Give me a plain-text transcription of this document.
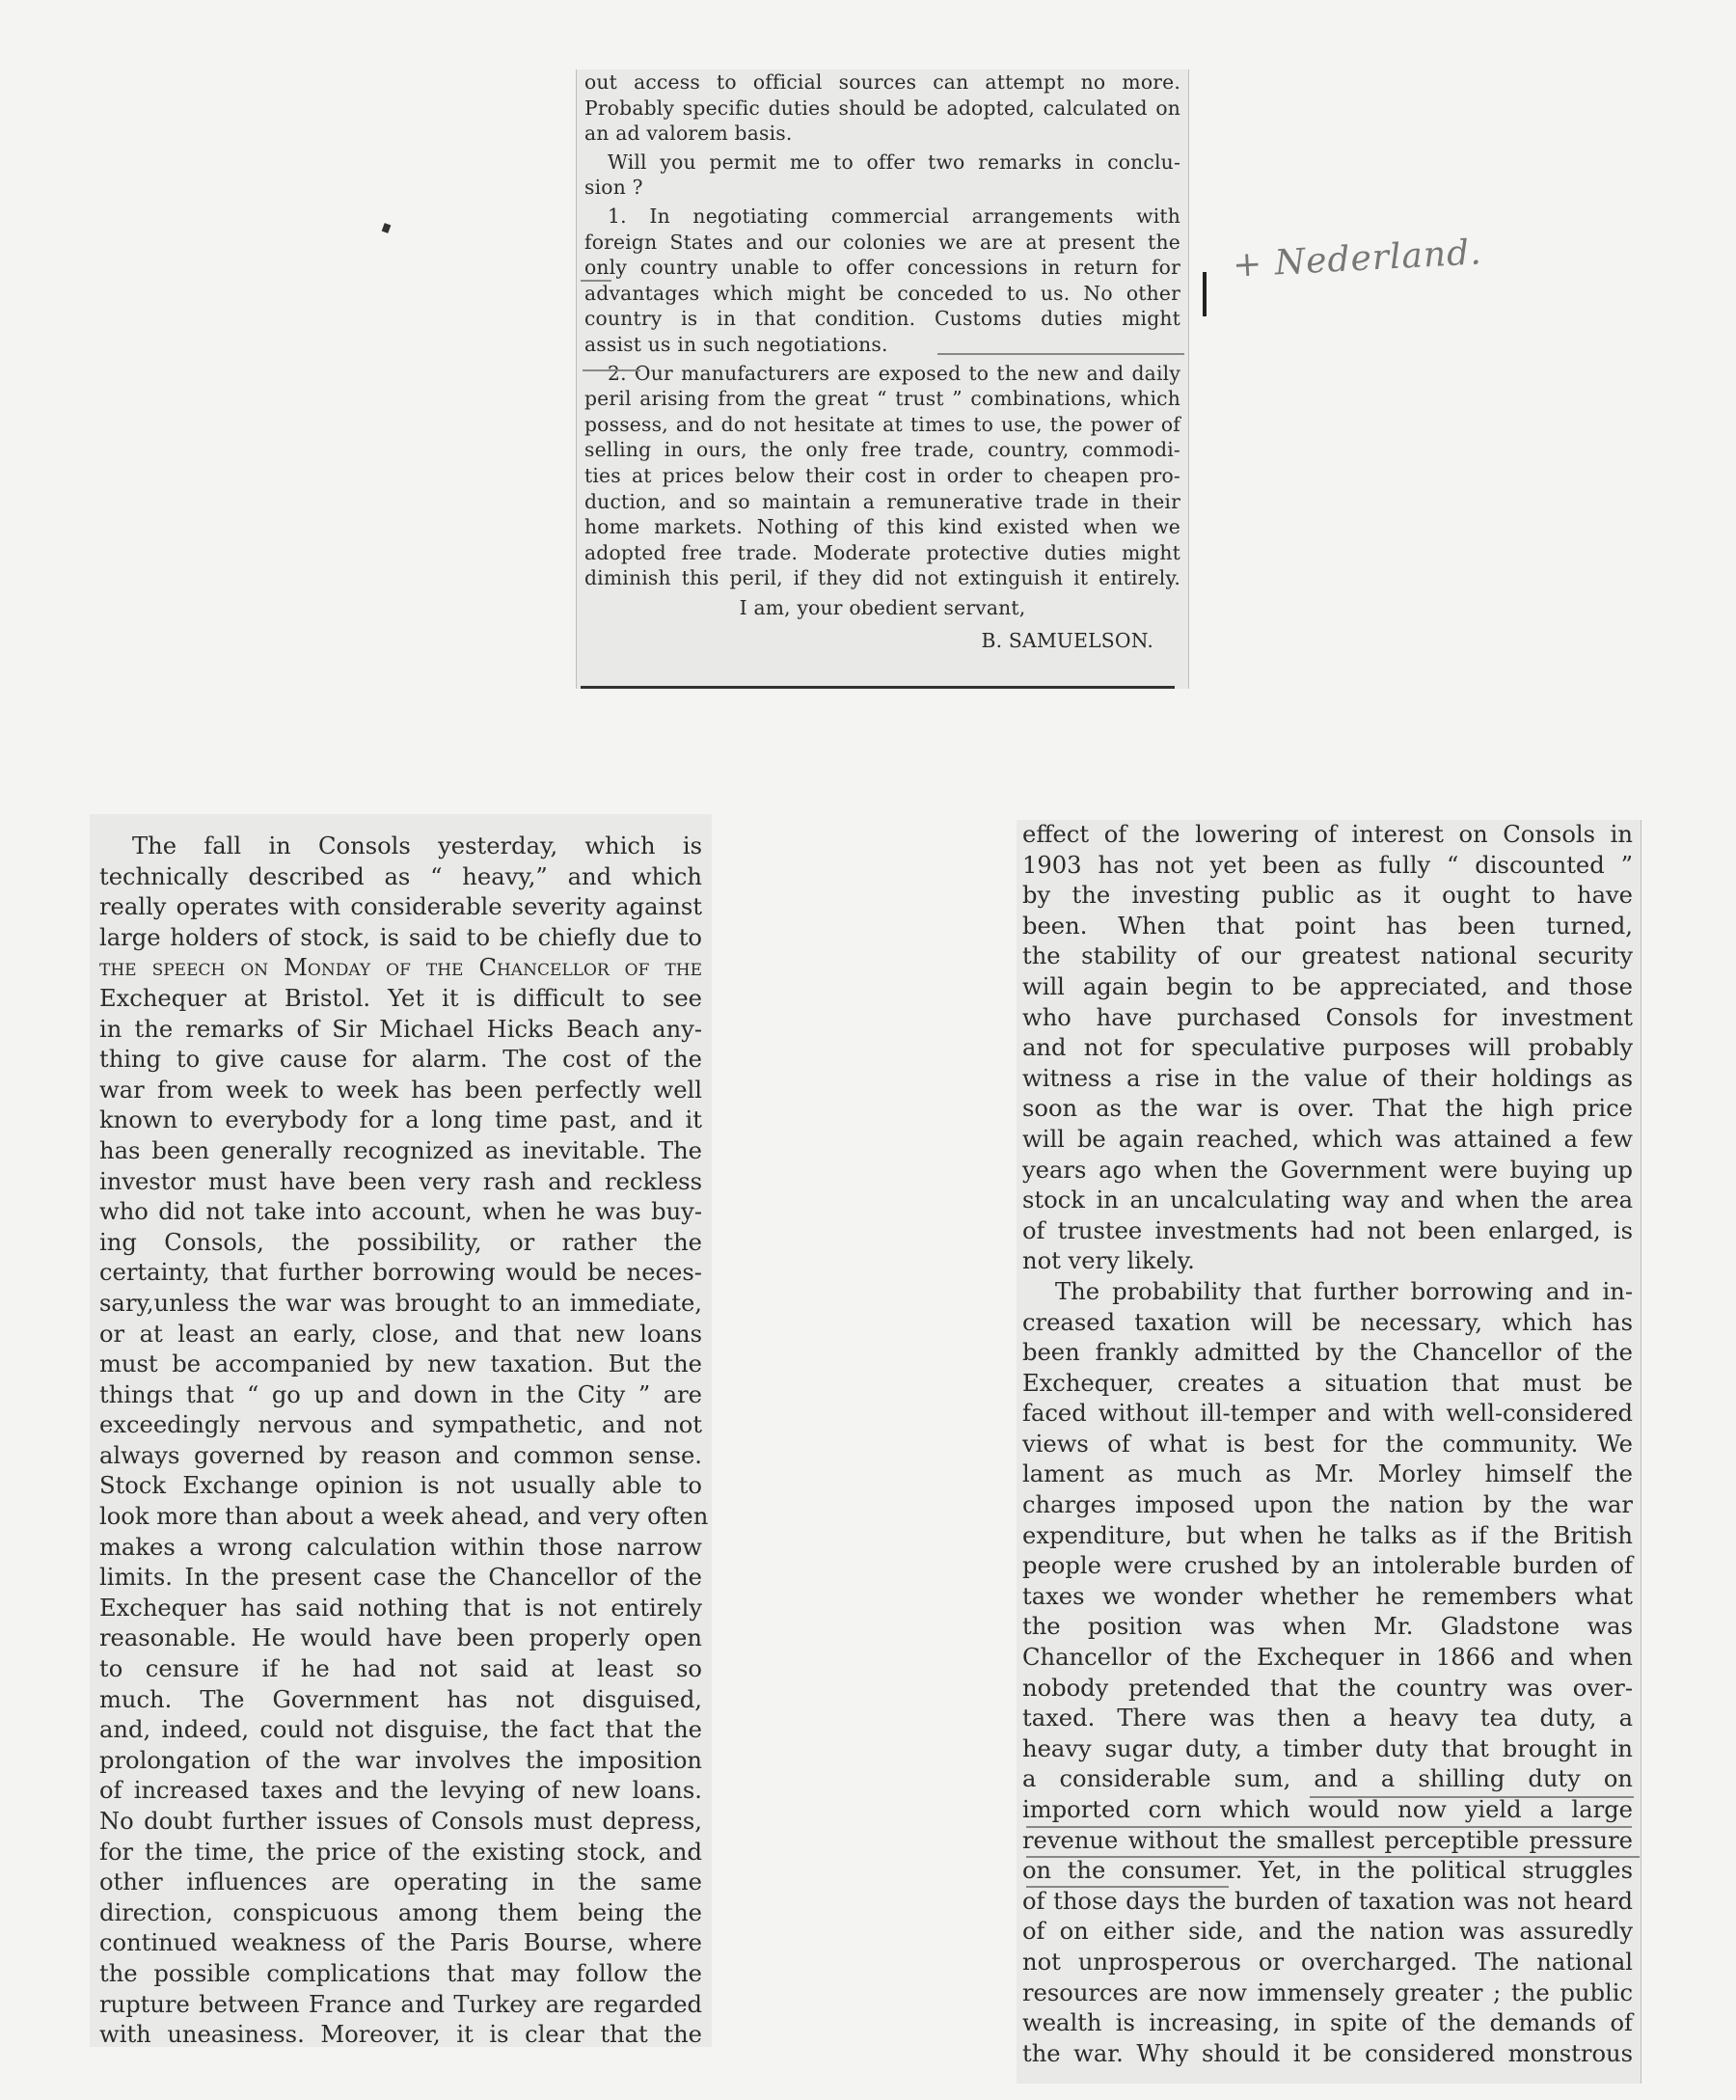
out access to official sources can attempt no more.
Probably specific duties should be adopted, calculated on
an ad valorem basis.
Will you permit me to offer two remarks in conclu-
sion ?
1. In negotiating commercial arrangements with
foreign States and our colonies we are at present the
only country unable to offer concessions in return for
advantages which might be conceded to us. No other
country is in that condition. Customs duties might
assist us in such negotiations.
2. Our manufacturers are exposed to the new and daily
peril arising from the great “ trust ” combinations, which
possess, and do not hesitate at times to use, the power of
selling in ours, the only free trade, country, commodi-
ties at prices below their cost in order to cheapen pro-
duction, and so maintain a remunerative trade in their
home markets. Nothing of this kind existed when we
adopted free trade. Moderate protective duties might
diminish this peril, if they did not extinguish it entirely.
I am, your obedient servant,
B. SAMUELSON.
+ Nederland.
The fall in Consols yesterday, which is
technically described as “ heavy,” and which
really operates with considerable severity against
large holders of stock, is said to be chiefly due to
the speech on Monday of the Chancellor of the
Exchequer at Bristol. Yet it is difficult to see
in the remarks of Sir Michael Hicks Beach any-
thing to give cause for alarm. The cost of the
war from week to week has been perfectly well
known to everybody for a long time past, and it
has been generally recognized as inevitable. The
investor must have been very rash and reckless
who did not take into account, when he was buy-
ing Consols, the possibility, or rather the
certainty, that further borrowing would be neces-
sary,unless the war was brought to an immediate,
or at least an early, close, and that new loans
must be accompanied by new taxation. But the
things that “ go up and down in the City ” are
exceedingly nervous and sympathetic, and not
always governed by reason and common sense.
Stock Exchange opinion is not usually able to
look more than about a week ahead, and very often
makes a wrong calculation within those narrow
limits. In the present case the Chancellor of the
Exchequer has said nothing that is not entirely
reasonable. He would have been properly open
to censure if he had not said at least so
much. The Government has not disguised,
and, indeed, could not disguise, the fact that the
prolongation of the war involves the imposition
of increased taxes and the levying of new loans.
No doubt further issues of Consols must depress,
for the time, the price of the existing stock, and
other influences are operating in the same
direction, conspicuous among them being the
continued weakness of the Paris Bourse, where
the possible complications that may follow the
rupture between France and Turkey are regarded
with uneasiness. Moreover, it is clear that the
effect of the lowering of interest on Consols in
1903 has not yet been as fully “ discounted ”
by the investing public as it ought to have
been. When that point has been turned,
the stability of our greatest national security
will again begin to be appreciated, and those
who have purchased Consols for investment
and not for speculative purposes will probably
witness a rise in the value of their holdings as
soon as the war is over. That the high price
will be again reached, which was attained a few
years ago when the Government were buying up
stock in an uncalculating way and when the area
of trustee investments had not been enlarged, is
not very likely.
The probability that further borrowing and in-
creased taxation will be necessary, which has
been frankly admitted by the Chancellor of the
Exchequer, creates a situation that must be
faced without ill-temper and with well-considered
views of what is best for the community. We
lament as much as Mr. Morley himself the
charges imposed upon the nation by the war
expenditure, but when he talks as if the British
people were crushed by an intolerable burden of
taxes we wonder whether he remembers what
the position was when Mr. Gladstone was
Chancellor of the Exchequer in 1866 and when
nobody pretended that the country was over-
taxed. There was then a heavy tea duty, a
heavy sugar duty, a timber duty that brought in
a considerable sum, and a shilling duty on
imported corn which would now yield a large
revenue without the smallest perceptible pressure
on the consumer. Yet, in the political struggles
of those days the burden of taxation was not heard
of on either side, and the nation was assuredly
not unprosperous or overcharged. The national
resources are now immensely greater ; the public
wealth is increasing, in spite of the demands of
the war. Why should it be considered monstrous
